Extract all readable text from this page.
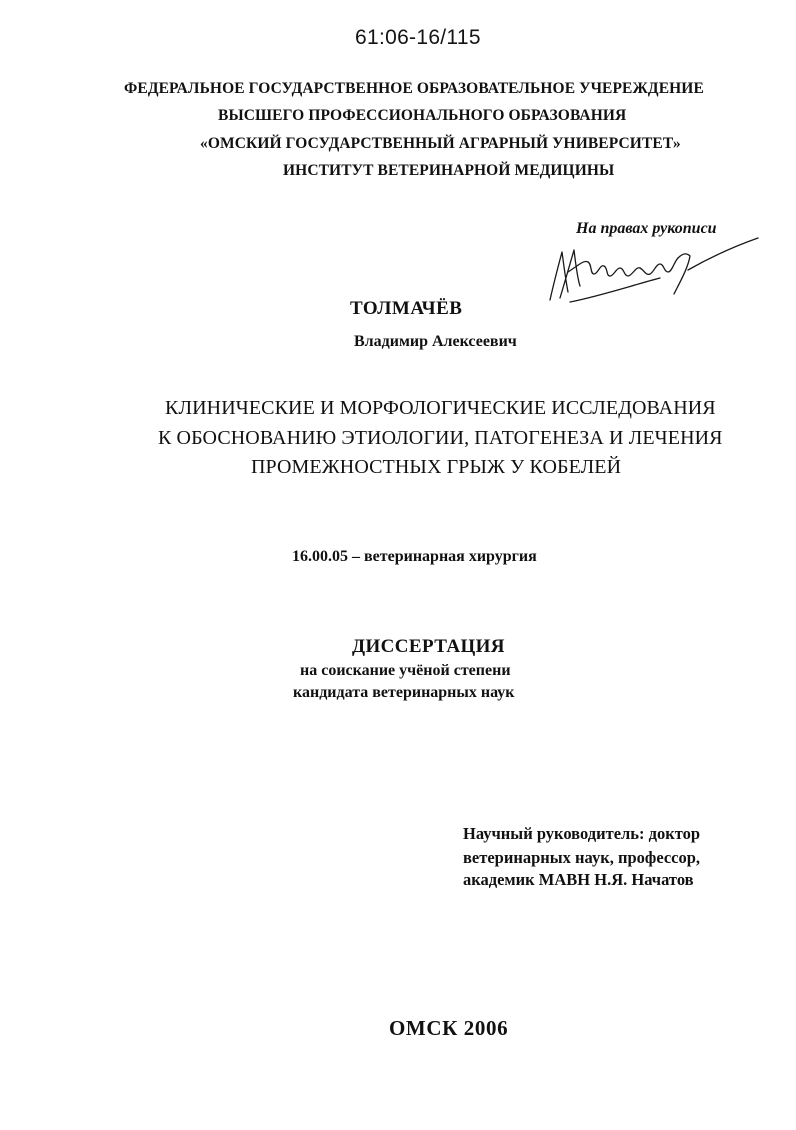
61:06-16/115
ФЕДЕРАЛЬНОЕ ГОСУДАРСТВЕННОЕ ОБРАЗОВАТЕЛЬНОЕ УЧЕРЕЖДЕНИЕ
ВЫСШЕГО ПРОФЕССИОНАЛЬНОГО ОБРАЗОВАНИЯ
«ОМСКИЙ ГОСУДАРСТВЕННЫЙ АГРАРНЫЙ УНИВЕРСИТЕТ»
ИНСТИТУТ ВЕТЕРИНАРНОЙ МЕДИЦИНЫ
На правах рукописи
ТОЛМАЧЁВ
Владимир Алексеевич
КЛИНИЧЕСКИЕ И МОРФОЛОГИЧЕСКИЕ ИССЛЕДОВАНИЯ
К ОБОСНОВАНИЮ ЭТИОЛОГИИ, ПАТОГЕНЕЗА И ЛЕЧЕНИЯ
ПРОМЕЖНОСТНЫХ ГРЫЖ У КОБЕЛЕЙ
16.00.05 – ветеринарная хирургия
ДИССЕРТАЦИЯ
на соискание учёной степени
кандидата ветеринарных наук
Научный руководитель: доктор
ветеринарных наук, профессор,
академик МАВН Н.Я. Начатов
ОМСК 2006
